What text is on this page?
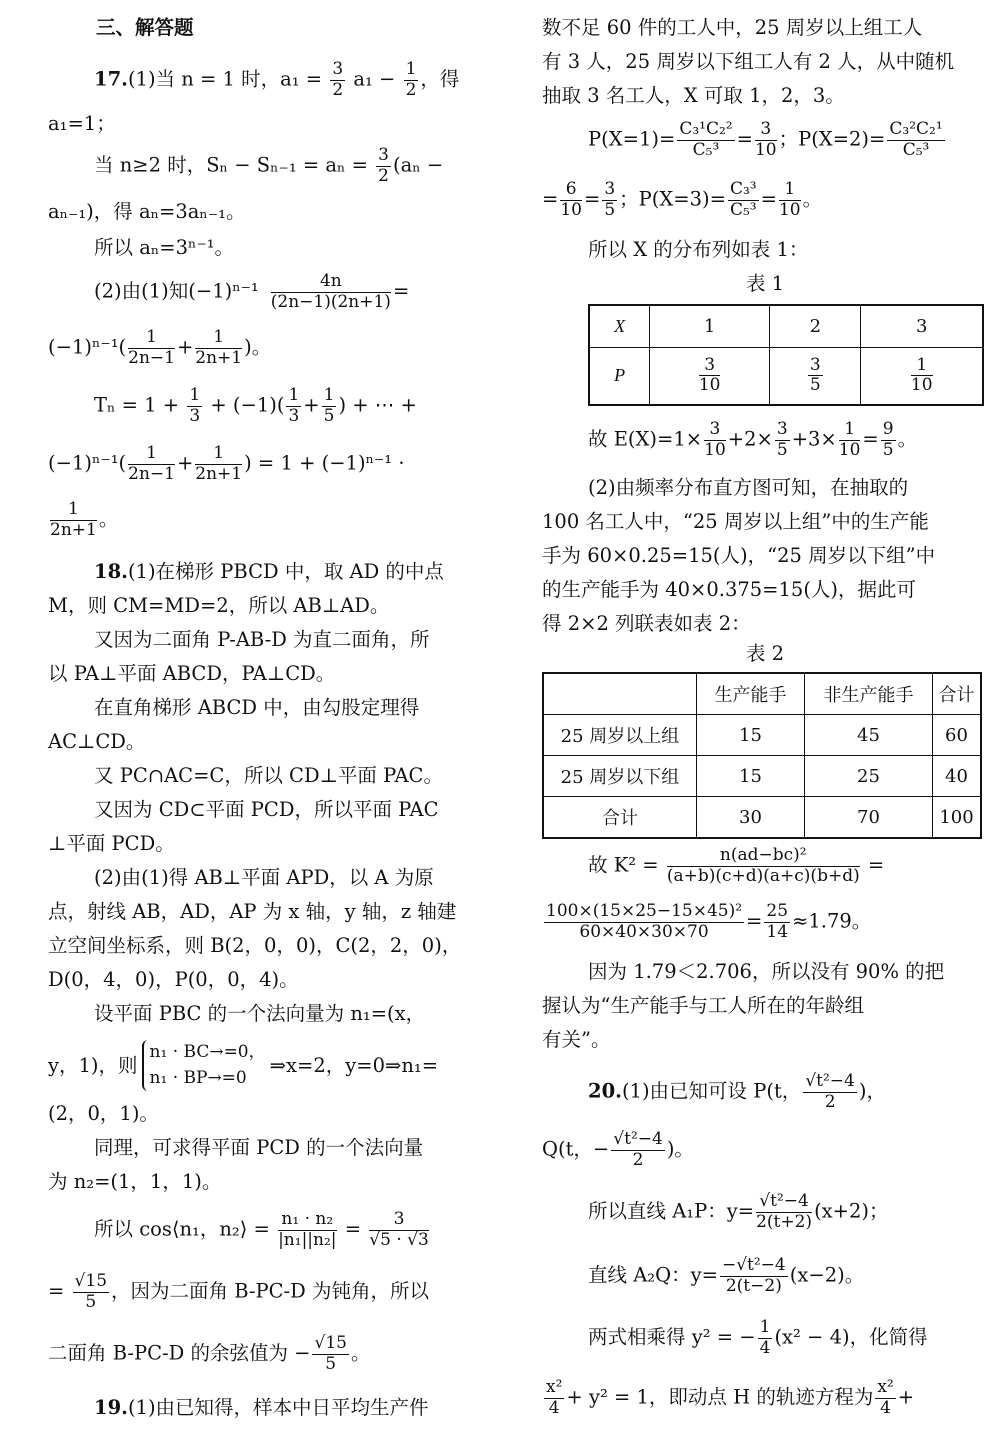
三、解答题
17.(1)当 n = 1 时，$a_1 = \frac{3}{2} a_1 - \frac{1}{2}$ ，得
a₁=1；
当 n≥2 时，$S_n - S_{n-1} = a_n = \frac{3}{2} (a_n$ −
aₙ₋₁)，得 aₙ=3aₙ₋₁。
所以 aₙ=3ⁿ⁻¹。
(2)由(1)知$(-1)^{n-1} \frac{4n}{(2n-1)(2n+1)}$ =
$(-1)^{n-1}( \frac{1}{2n-1} + \frac{1}{2n+1}$ )。
$T_n = 1 + \frac{1}{3} + (-1)( \frac{1}{3} + \frac{1}{5}$ ) + ⋯ +
$(-1)^{n-1}( \frac{1}{2n-1} + \frac{1}{2n+1}$ ) = 1 + (−1)ⁿ⁻¹ ·
$\frac{1}{2n+1}$ 。
18.(1)在梯形 PBCD 中，取 AD 的中点
M，则 CM=MD=2，所以 AB⊥AD。
又因为二面角 P-AB-D 为直二面角，所
以 PA⊥平面 ABCD，PA⊥CD。
在直角梯形 ABCD 中，由勾股定理得
AC⊥CD。
又 PC∩AC=C，所以 CD⊥平面 PAC。
又因为 CD⊂平面 PCD，所以平面 PAC
⊥平面 PCD。
(2)由(1)得 AB⊥平面 APD，以 A 为原
点，射线 AB，AD，AP 为 x 轴，y 轴，z 轴建
立空间坐标系，则 B(2，0，0)，C(2，2，0)，
D(0，4，0)，P(0，0，4)。
设平面 PBC 的一个法向量为 n₁=(x，
y，1)，则
n₁ · BC→=0，
n₁ · BP→=0
⇒x=2，y=0⇒n₁=
(2，0，1)。
同理，可求得平面 PCD 的一个法向量
为 n₂=(1，1，1)。
所以 cos⟨n₁，n₂⟩ = $\frac{\text{n₁ · n₂}}{\text{|n₁||n₂|}} = \frac{3}{√5 \cdot √3}$
= $\frac{√15}{5}$ ，因为二面角 B-PC-D 为钝角，所以
二面角 B-PC-D 的余弦值为 − $\frac{√15}{5}$ 。
19.(1)由已知得，样本中日平均生产件
数不足 60 件的工人中，25 周岁以上组工人
有 3 人，25 周岁以下组工人有 2 人，从中随机
抽取 3 名工人，X 可取 1，2，3。
$P(X=1)= \frac{\text{C₃¹C₂²}}{\text{C₅³}} = \frac{3}{10}$ ；$P(X=2)= \frac{\text{C₃²C₂¹}}{\text{C₅³}}$
= $\frac{6}{10} = \frac{3}{5}$ ；$P(X=3)= \frac{\text{C₃³}}{\text{C₅³}} = \frac{1}{10}$ 。
所以 X 的分布列如表 1：
表 1
X	1	2	3
P	$\frac{3}{10}$	$\frac{3}{5}$	$\frac{1}{10}$
故 $E(X)=1\times \frac{3}{10} +2\times \frac{3}{5} +3\times \frac{1}{10} = \frac{9}{5}$ 。
(2)由频率分布直方图可知，在抽取的
100 名工人中，“25 周岁以上组”中的生产能
手为 60×0.25=15(人)，“25 周岁以下组”中
的生产能手为 40×0.375=15(人)，据此可
得 2×2 列联表如表 2：
表 2
	生产能手	非生产能手	合计
25 周岁以上组	15	45	60
25 周岁以下组	15	25	40
合计	30	70	100
故 $K^2 = \frac{\text{n(ad−bc)²}}{(a+b)(c+d)(a+c)(b+d)}$ =
$\frac{\text{100×(15×25−15×45)²}}{60\times 40\times 30\times 70} = \frac{25}{14} \approx 1.79$。
因为 1.79＜2.706，所以没有 90% 的把
握认为“生产能手与工人所在的年龄组
有关”。
20.(1)由已知可设 P(t， $\frac{\text{√t²−4}}{2}$ )，
Q(t，− $\frac{\text{√t²−4}}{2}$ )。
所以直线 A₁P：$y= \frac{\text{√t²−4}}{2(t+2)} (x+2)$；
直线 A₂Q：$y= \frac{\text{−√t²−4}}{2(t-2)} (x-2)$。
两式相乘得 y² = − $\frac{1}{4} (x^2 - 4)$，化简得
$\frac{\text{x²}}{4} + y^2 = 1$，即动点 H 的轨迹方程为 $\frac{\text{x²}}{4}$ +
